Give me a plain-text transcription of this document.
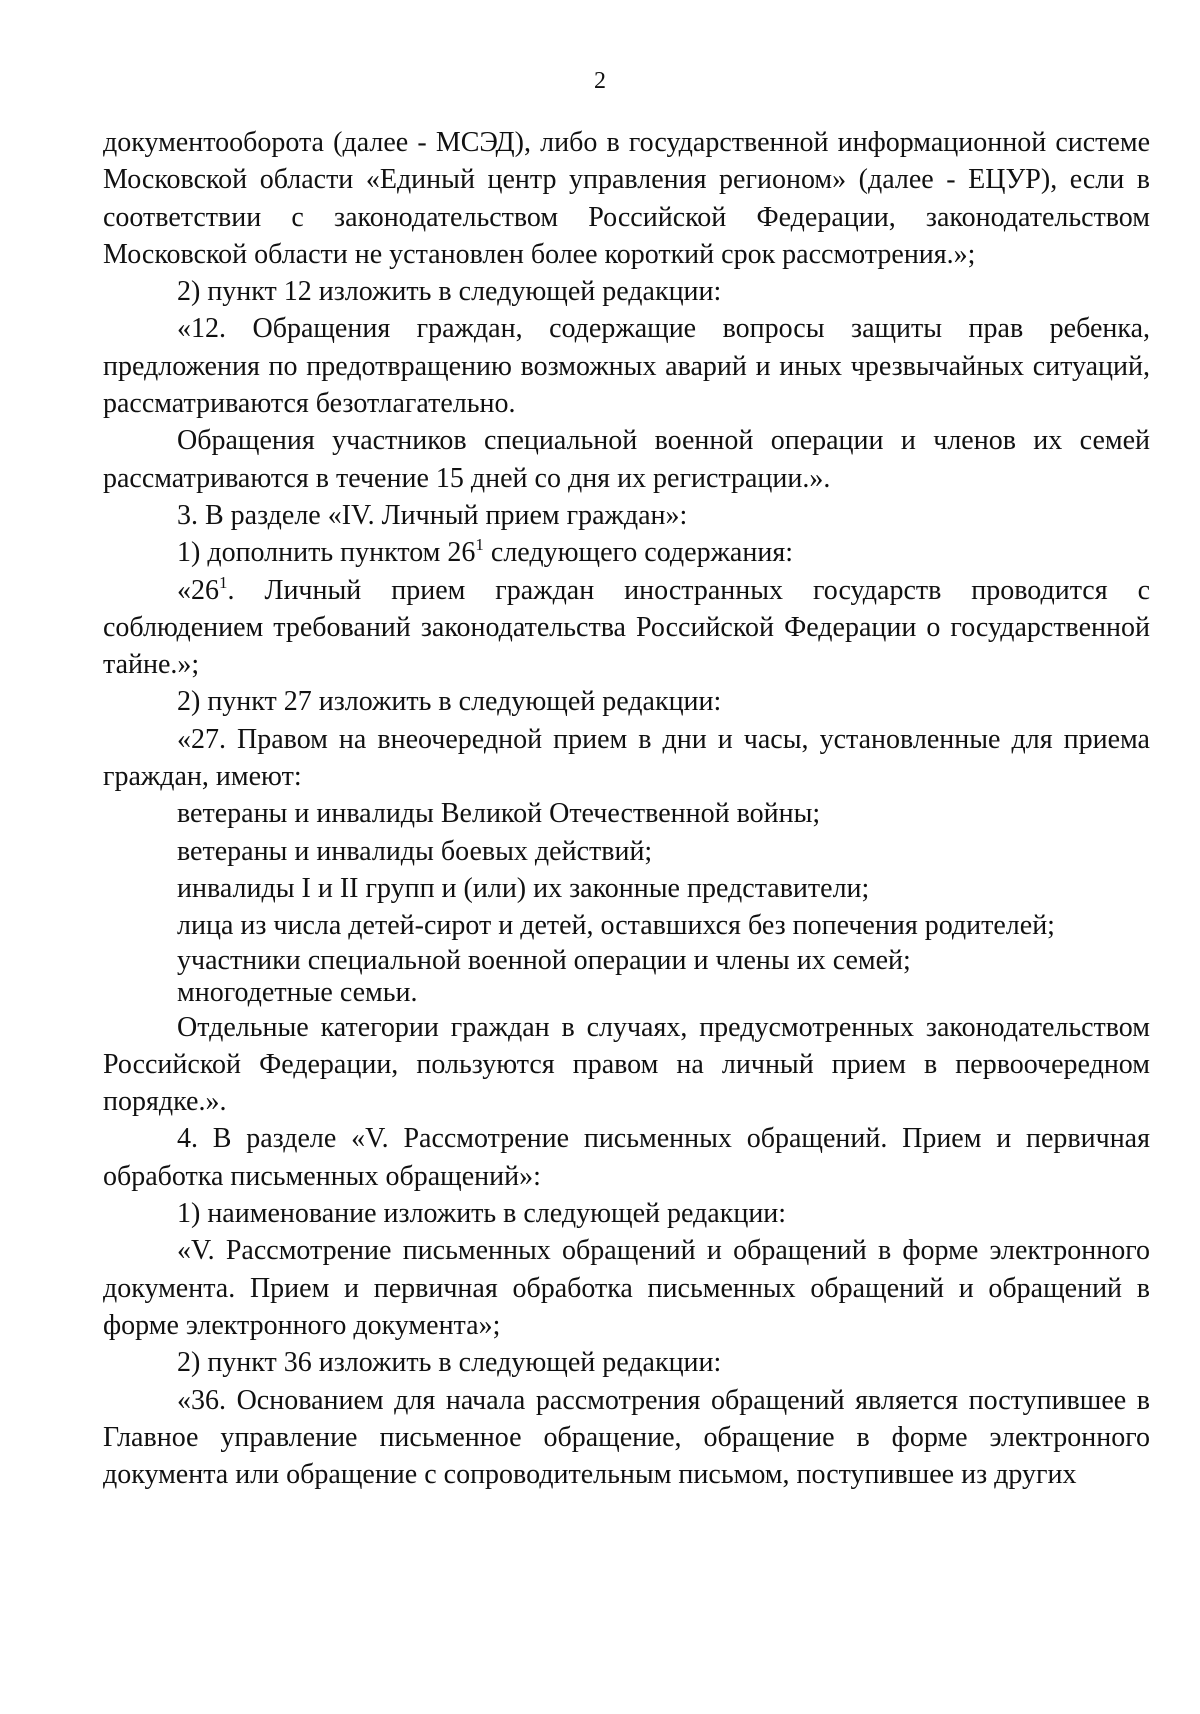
2

документооборота (далее - МСЭД), либо в государственной информационной системе Московской области «Единый центр управления регионом» (далее - ЕЦУР), если в соответствии с законодательством Российской Федерации, законодательством Московской области не установлен более короткий срок рассмотрения.»;

2) пункт 12 изложить в следующей редакции:

«12. Обращения граждан, содержащие вопросы защиты прав ребенка, предложения по предотвращению возможных аварий и иных чрезвычайных ситуаций, рассматриваются безотлагательно.

Обращения участников специальной военной операции и членов их семей рассматриваются в течение 15 дней со дня их регистрации.».

3. В разделе «IV. Личный прием граждан»:

1) дополнить пунктом $26^1$ следующего содержания:

«$26^1$. Личный прием граждан иностранных государств проводится с соблюдением требований законодательства Российской Федерации о государственной тайне.»;

2) пункт 27 изложить в следующей редакции:

«27. Правом на внеочередной прием в дни и часы, установленные для приема граждан, имеют:

ветераны и инвалиды Великой Отечественной войны;

ветераны и инвалиды боевых действий;

инвалиды I и II групп и (или) их законные представители;

лица из числа детей-сирот и детей, оставшихся без попечения родителей;

участники специальной военной операции и члены их семей;

многодетные семьи.

Отдельные категории граждан в случаях, предусмотренных законодательством Российской Федерации, пользуются правом на личный прием в первоочередном порядке.».

4. В разделе «V. Рассмотрение письменных обращений. Прием и первичная обработка письменных обращений»:

1) наименование изложить в следующей редакции:

«V. Рассмотрение письменных обращений и обращений в форме электронного документа. Прием и первичная обработка письменных обращений и обращений в форме электронного документа»;

2) пункт 36 изложить в следующей редакции:

«36. Основанием для начала рассмотрения обращений является поступившее в Главное управление письменное обращение, обращение в форме электронного документа или обращение с сопроводительным письмом, поступившее из других
